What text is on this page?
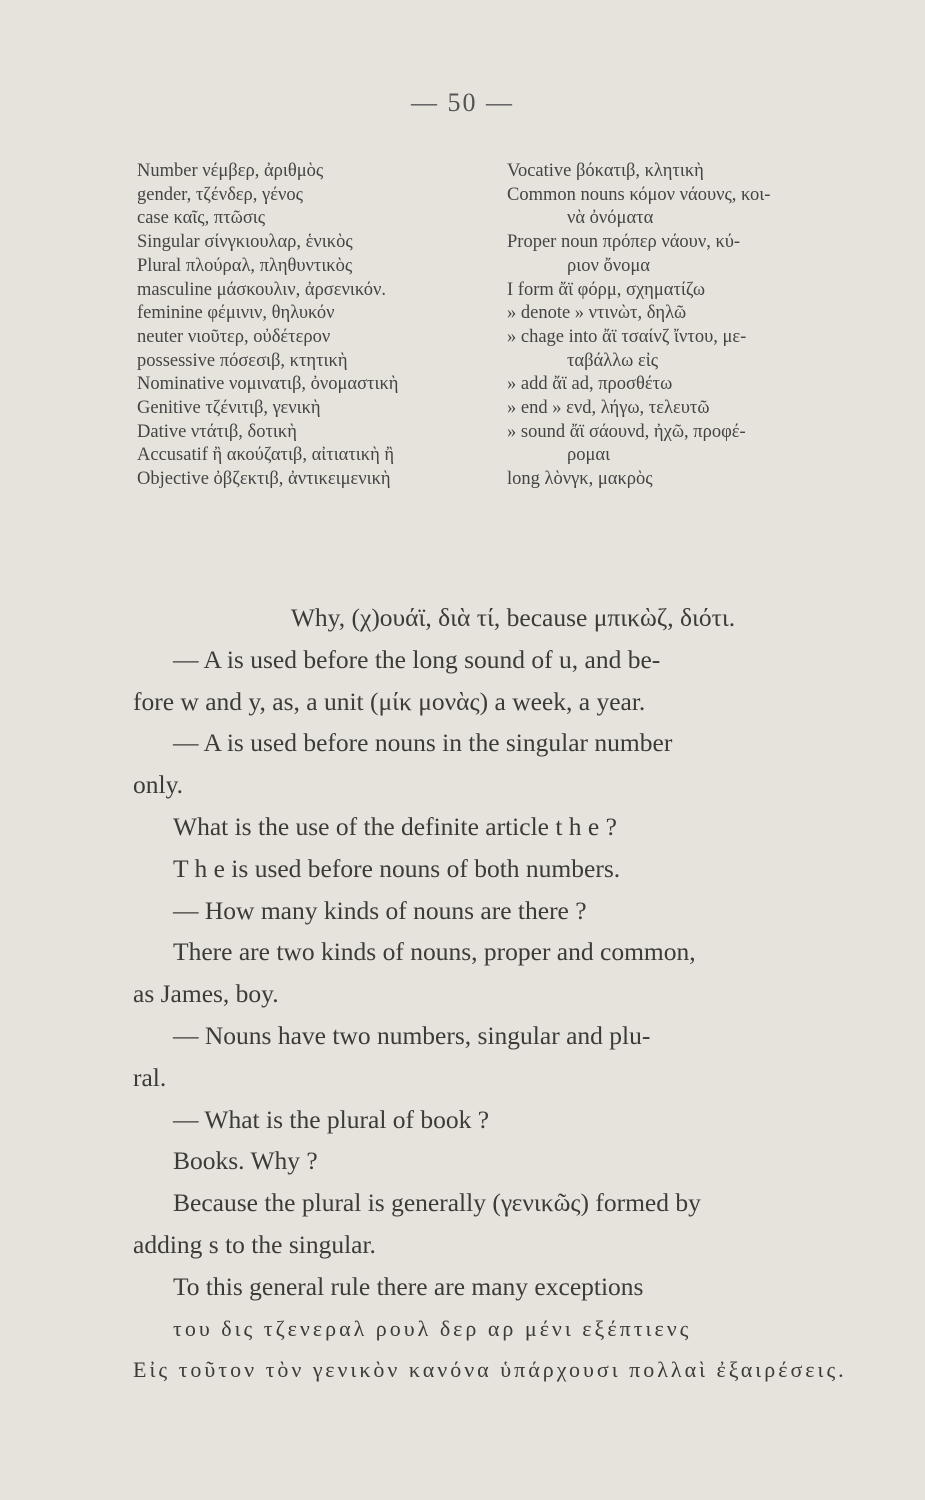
— 50 —
Number νέμβερ, ἀριθμὸς
gender, τζένδερ, γένος
case καῖς, πτῶσις
Singular σίνγκιουλαρ, ἑνικὸς
Plural πλούραλ, πληθυντικὸς
masculine μάσκουλιν, ἀρσενικόν.
feminine φέμινιν, θηλυκόν
neuter νιοῦτερ, οὐδέτερον
possessive πόσεσιβ, κτητικὴ
Nominative νομινατιβ, ὀνομαστικὴ
Genitive τζένιτιβ, γενικὴ
Dative ντάτιβ, δοτικὴ
Accusatif ἢ ακούζατιβ, αἰτιατικὴ ἢ
Objective ὀβζεκτιβ, ἀντικειμενικὴ
Vocative βόκατιβ, κλητικὴ
Common nouns κόμον νάουνς, κοι-
νὰ ὀνόματα
Proper noun πρόπερ νάουν, κύ-
ριον ὄνομα
I form ἄϊ φόρμ, σχηματίζω
» denote » ντινὼτ, δηλῶ
» chage into ἄϊ τσαίνζ ἴντου, με-
ταβάλλω εἰς
» add ἄϊ ad, προσθέτω
» end » ενd, λήγω, τελευτῶ
» sound ἄϊ σάουνd, ἠχῶ, προφέ-
ρομαι
long λὸνγκ, μακρὸς
Why, (χ)ουάϊ, διὰ τί, because μπικὼζ, διότι.
— A is used before the long sound of u, and be-
fore w and y, as, a unit (μίκ μονὰς) a week, a year.
— A is used before nouns in the singular number
only.
What is the use of the definite article t h e ?
T h e is used before nouns of both numbers.
— How many kinds of nouns are there ?
There are two kinds of nouns, proper and common,
as James, boy.
— Nouns have two numbers, singular and plu-
ral.
— What is the plural of book ?
Books. Why ?
Because the plural is generally (γενικῶς) formed by
adding s to the singular.
To this general rule there are many exceptions
του δις τζενεραλ ρουλ δερ αρ μένι εξέπτιενς
Εἰς τοῦτον τὸν γενικὸν κανόνα ὑπάρχουσι πολλαὶ ἐξαιρέσεις.
